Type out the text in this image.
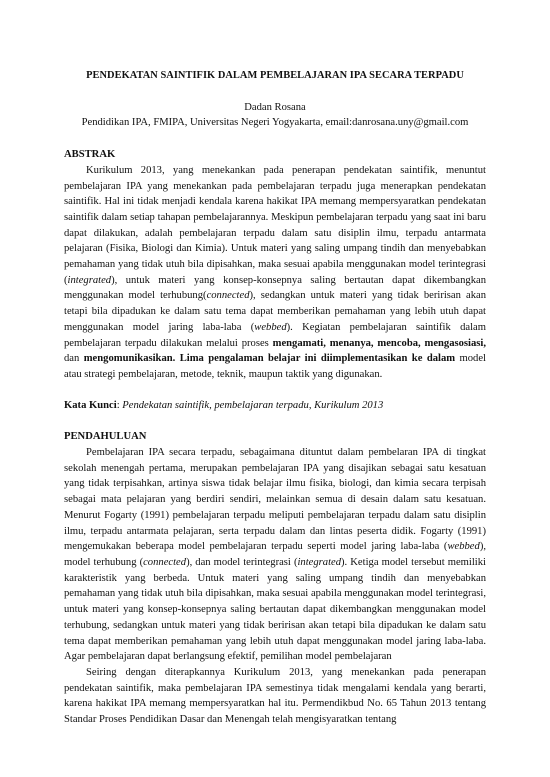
PENDEKATAN SAINTIFIK DALAM PEMBELAJARAN IPA SECARA TERPADU
Dadan Rosana
Pendidikan IPA, FMIPA, Universitas Negeri Yogyakarta, email:danrosana.uny@gmail.com
ABSTRAK

Kurikulum 2013, yang menekankan pada penerapan pendekatan saintifik, menuntut pembelajaran IPA yang menekankan pada pembelajaran terpadu juga menerapkan pendekatan saintifik. Hal ini tidak menjadi kendala karena hakikat IPA memang mempersyaratkan pendekatan saintifik dalam setiap tahapan pembelajarannya. Meskipun pembelajaran terpadu yang saat ini baru dapat dilakukan, adalah pembelajaran terpadu dalam satu disiplin ilmu, terpadu antarmata pelajaran (Fisika, Biologi dan Kimia). Untuk materi yang saling umpang tindih dan menyebabkan pemahaman yang tidak utuh bila dipisahkan, maka sesuai apabila menggunakan model terintegrasi (integrated), untuk materi yang konsep-konsepnya saling bertautan dapat dikembangkan menggunakan model terhubung(connected), sedangkan untuk materi yang tidak beririsan akan tetapi bila dipadukan ke dalam satu tema dapat memberikan pemahaman yang lebih utuh dapat menggunakan model jaring laba-laba (webbed). Kegiatan pembelajaran saintifik dalam pembelajaran terpadu dilakukan melalui proses mengamati, menanya, mencoba, mengasosiasi, dan mengomunikasikan. Lima pengalaman belajar ini diimplementasikan ke dalam model atau strategi pembelajaran, metode, teknik, maupun taktik yang digunakan.

Kata Kunci: Pendekatan saintifik, pembelajaran terpadu, Kurikulum 2013
PENDAHULUAN

Pembelajaran IPA secara terpadu, sebagaimana dituntut dalam pembelaran IPA di tingkat sekolah menengah pertama, merupakan pembelajaran IPA yang disajikan sebagai satu kesatuan yang tidak terpisahkan, artinya siswa tidak belajar ilmu fisika, biologi, dan kimia secara terpisah sebagai mata pelajaran yang berdiri sendiri, melainkan semua di desain dalam satu kesatuan. Menurut Fogarty (1991) pembelajaran terpadu meliputi pembelajaran terpadu dalam satu disiplin ilmu, terpadu antarmata pelajaran, serta terpadu dalam dan lintas peserta didik. Fogarty (1991) mengemukakan beberapa model pembelajaran terpadu seperti model jaring laba-laba (webbed), model terhubung (connected), dan model terintegrasi (integrated). Ketiga model tersebut memiliki karakteristik yang berbeda. Untuk materi yang saling umpang tindih dan menyebabkan pemahaman yang tidak utuh bila dipisahkan, maka sesuai apabila menggunakan model terintegrasi, untuk materi yang konsep-konsepnya saling bertautan dapat dikembangkan menggunakan model terhubung, sedangkan untuk materi yang tidak beririsan akan tetapi bila dipadukan ke dalam satu tema dapat memberikan pemahaman yang lebih utuh dapat menggunakan model jaring laba-laba. Agar pembelajaran dapat berlangsung efektif, pemilihan model pembelajaran

Seiring dengan diterapkannya Kurikulum 2013, yang menekankan pada penerapan pendekatan saintifik, maka pembelajaran IPA semestinya tidak mengalami kendala yang berarti, karena hakikat IPA memang mempersyaratkan hal itu. Permendikbud No. 65 Tahun 2013 tentang Standar Proses Pendidikan Dasar dan Menengah telah mengisyaratkan tentang
